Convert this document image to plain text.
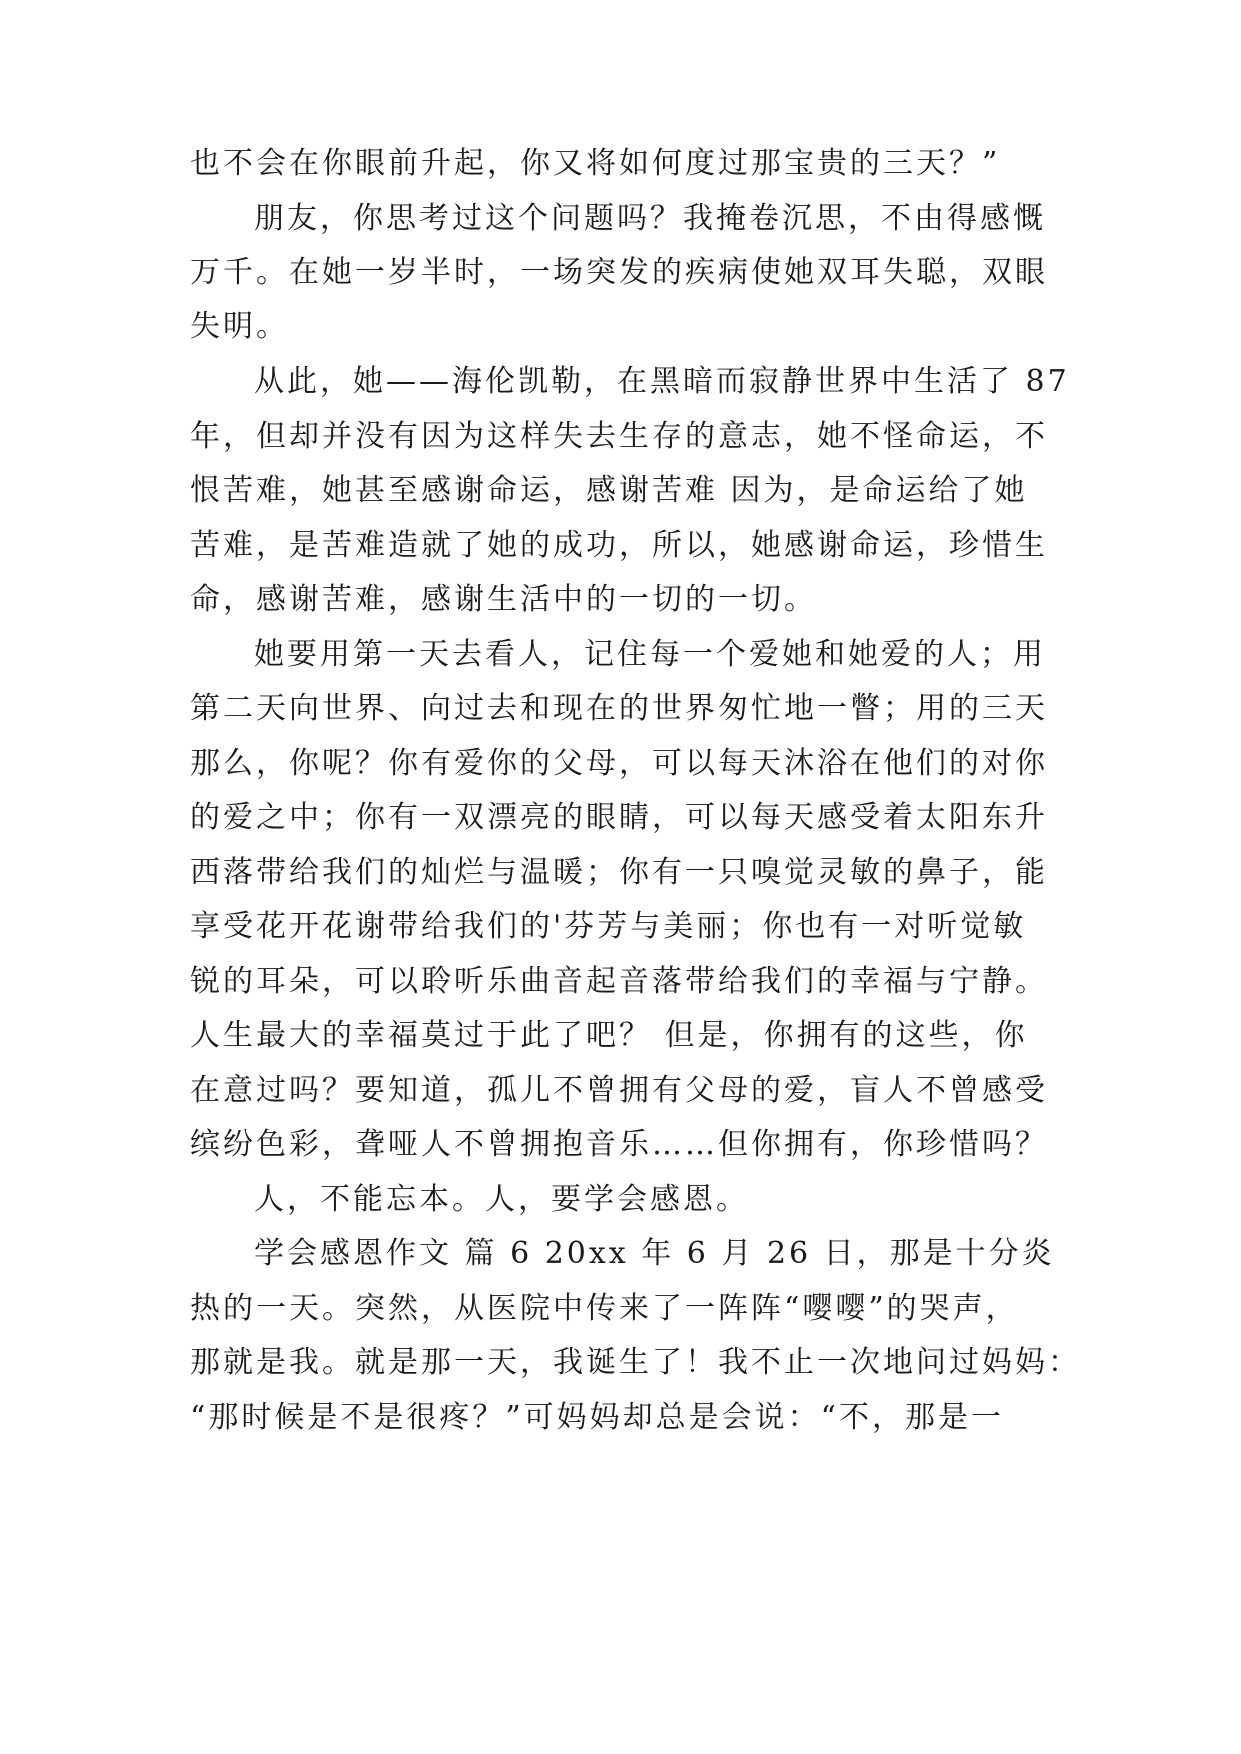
也不会在你眼前升起，你又将如何度过那宝贵的三天？”
朋友，你思考过这个问题吗？我掩卷沉思，不由得感慨
万千。在她一岁半时，一场突发的疾病使她双耳失聪，双眼
失明。
从此，她——海伦凯勒，在黑暗而寂静世界中生活了 87
年，但却并没有因为这样失去生存的意志，她不怪命运，不
恨苦难，她甚至感谢命运，感谢苦难 因为，是命运给了她
苦难，是苦难造就了她的成功，所以，她感谢命运，珍惜生
命，感谢苦难，感谢生活中的一切的一切。
她要用第一天去看人，记住每一个爱她和她爱的人；用
第二天向世界、向过去和现在的世界匆忙地一瞥；用的三天
那么，你呢？你有爱你的父母，可以每天沐浴在他们的对你
的爱之中；你有一双漂亮的眼睛，可以每天感受着太阳东升
西落带给我们的灿烂与温暖；你有一只嗅觉灵敏的鼻子，能
享受花开花谢带给我们的'芬芳与美丽；你也有一对听觉敏
锐的耳朵，可以聆听乐曲音起音落带给我们的幸福与宁静。
人生最大的幸福莫过于此了吧？ 但是，你拥有的这些，你
在意过吗？要知道，孤儿不曾拥有父母的爱，盲人不曾感受
缤纷色彩，聋哑人不曾拥抱音乐……但你拥有，你珍惜吗？
人，不能忘本。人，要学会感恩。
学会感恩作文 篇 6 20xx 年 6 月 26 日，那是十分炎
热的一天。突然，从医院中传来了一阵阵“嘤嘤”的哭声，
那就是我。就是那一天，我诞生了！我不止一次地问过妈妈：
“那时候是不是很疼？”可妈妈却总是会说：“不，那是一
